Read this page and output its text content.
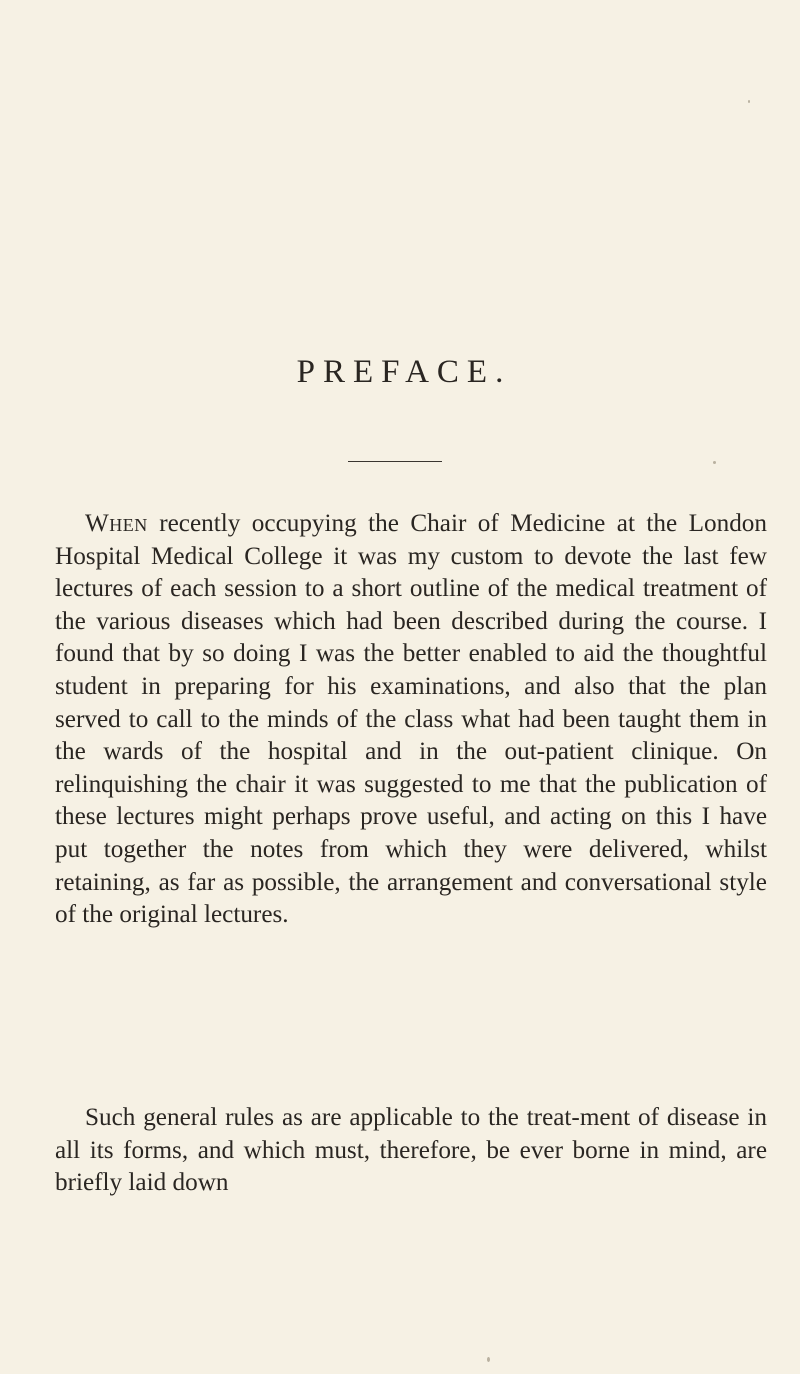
PREFACE.

When recently occupying the Chair of Medicine at the London Hospital Medical College it was my custom to devote the last few lectures of each session to a short outline of the medical treatment of the various diseases which had been described during the course. I found that by so doing I was the better enabled to aid the thoughtful student in preparing for his examinations, and also that the plan served to call to the minds of the class what had been taught them in the wards of the hospital and in the out-patient clinique. On relinquishing the chair it was suggested to me that the publication of these lectures might perhaps prove useful, and acting on this I have put together the notes from which they were delivered, whilst retaining, as far as possible, the arrangement and conversational style of the original lectures.

Such general rules as are applicable to the treat-ment of disease in all its forms, and which must, therefore, be ever borne in mind, are briefly laid down
